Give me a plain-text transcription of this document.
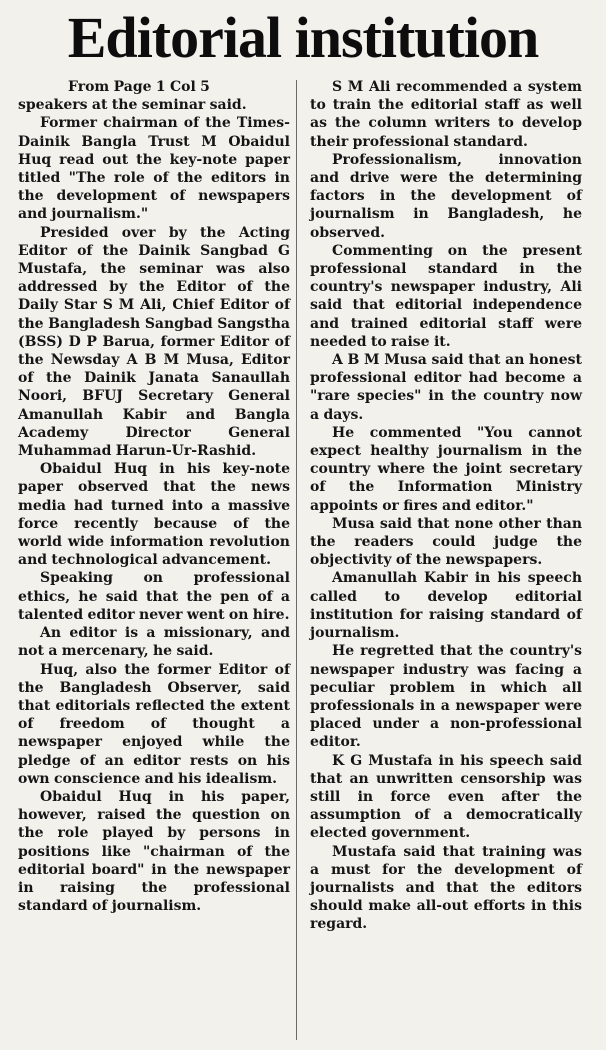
Editorial institution

From Page 1 Col 5

speakers at the seminar said.

Former chairman of the Times-Dainik Bangla Trust M Obaidul Huq read out the key-note paper titled "The role of the editors in the development of newspapers and journalism."

Presided over by the Acting Editor of the Dainik Sangbad G Mustafa, the seminar was also addressed by the Editor of the Daily Star S M Ali, Chief Editor of the Bangladesh Sangbad Sangstha (BSS) D P Barua, former Editor of the Newsday A B M Musa, Editor of the Dainik Janata Sanaullah Noori, BFUJ Secretary General Amanullah Kabir and Bangla Academy Director General Muhammad Harun-Ur-Rashid.

Obaidul Huq in his key-note paper observed that the news media had turned into a massive force recently because of the world wide information revolution and technological advancement.

Speaking on professional ethics, he said that the pen of a talented editor never went on hire.

An editor is a missionary, and not a mercenary, he said.

Huq, also the former Editor of the Bangladesh Observer, said that editorials reflected the extent of freedom of thought a newspaper enjoyed while the pledge of an editor rests on his own conscience and his idealism.

Obaidul Huq in his paper, however, raised the question on the role played by persons in positions like "chairman of the editorial board" in the newspaper in raising the professional standard of journalism.

S M Ali recommended a system to train the editorial staff as well as the column writers to develop their professional standard.

Professionalism, innovation and drive were the determining factors in the development of journalism in Bangladesh, he observed.

Commenting on the present professional standard in the country's newspaper industry, Ali said that editorial independence and trained editorial staff were needed to raise it.

A B M Musa said that an honest professional editor had become a "rare species" in the country now a days.

He commented "You cannot expect healthy journalism in the country where the joint secretary of the Information Ministry appoints or fires and editor."

Musa said that none other than the readers could judge the objectivity of the newspapers.

Amanullah Kabir in his speech called to develop editorial institution for raising standard of journalism.

He regretted that the country's newspaper industry was facing a peculiar problem in which all professionals in a newspaper were placed under a non-professional editor.

K G Mustafa in his speech said that an unwritten censorship was still in force even after the assumption of a democratically elected government.

Mustafa said that training was a must for the development of journalists and that the editors should make all-out efforts in this regard.
